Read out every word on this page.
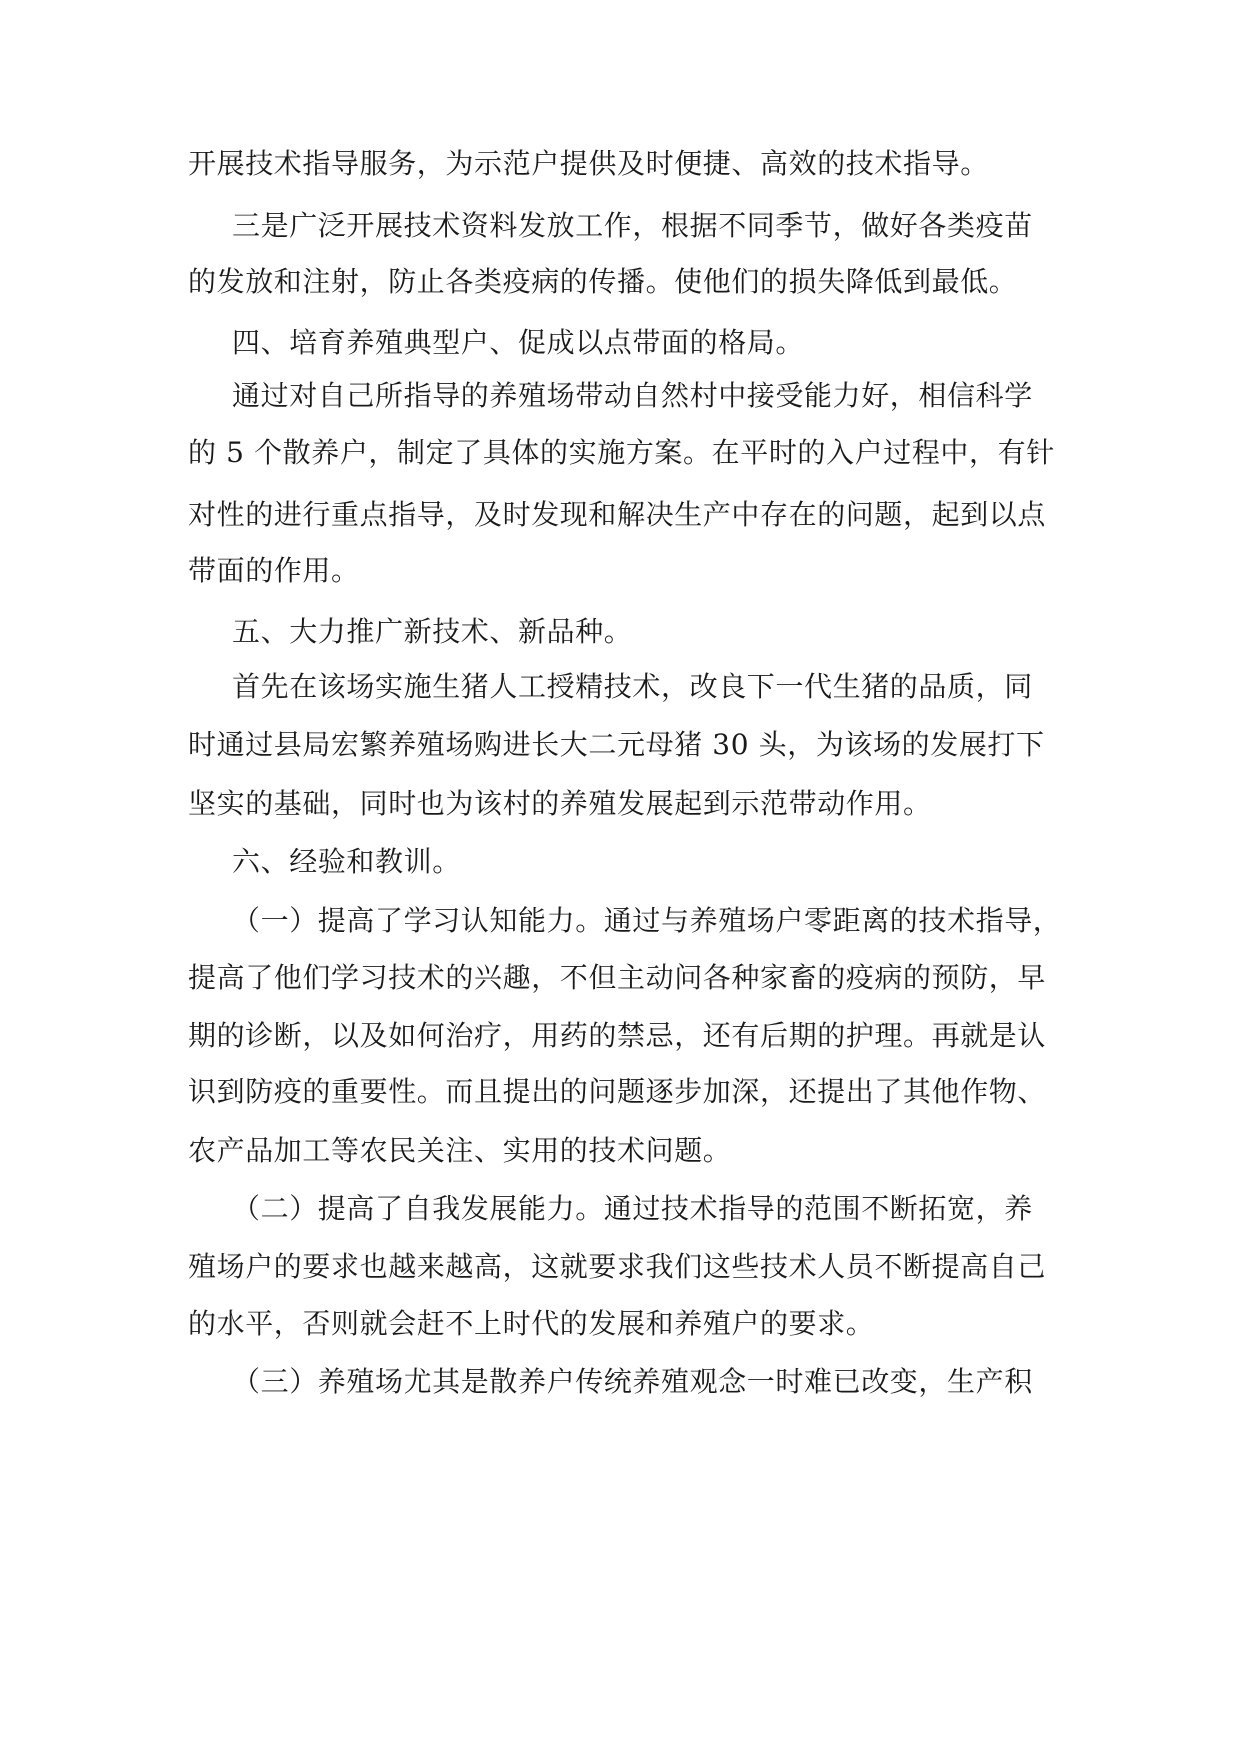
开展技术指导服务，为示范户提供及时便捷、高效的技术指导。

三是广泛开展技术资料发放工作，根据不同季节，做好各类疫苗

的发放和注射，防止各类疫病的传播。使他们的损失降低到最低。

四、培育养殖典型户、促成以点带面的格局。

通过对自己所指导的养殖场带动自然村中接受能力好，相信科学

的 5 个散养户，制定了具体的实施方案。在平时的入户过程中，有针

对性的进行重点指导，及时发现和解决生产中存在的问题，起到以点

带面的作用。

五、大力推广新技术、新品种。

首先在该场实施生猪人工授精技术，改良下一代生猪的品质，同

时通过县局宏繁养殖场购进长大二元母猪 30 头，为该场的发展打下

坚实的基础，同时也为该村的养殖发展起到示范带动作用。

六、经验和教训。

（一）提高了学习认知能力。通过与养殖场户零距离的技术指导，

提高了他们学习技术的兴趣，不但主动问各种家畜的疫病的预防，早

期的诊断，以及如何治疗，用药的禁忌，还有后期的护理。再就是认

识到防疫的重要性。而且提出的问题逐步加深，还提出了其他作物、

农产品加工等农民关注、实用的技术问题。

（二）提高了自我发展能力。通过技术指导的范围不断拓宽，养

殖场户的要求也越来越高，这就要求我们这些技术人员不断提高自己

的水平，否则就会赶不上时代的发展和养殖户的要求。

（三）养殖场尤其是散养户传统养殖观念一时难已改变，生产积
